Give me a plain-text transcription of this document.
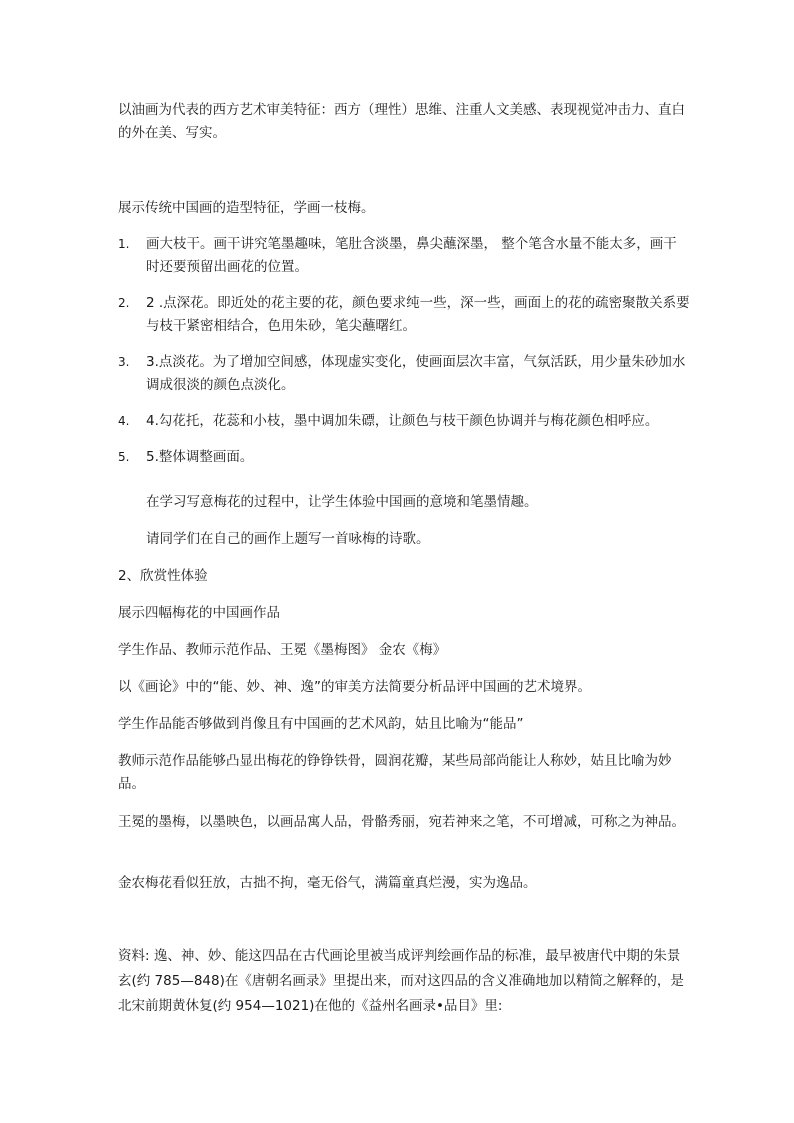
以油画为代表的西方艺术审美特征：西方（理性）思维、注重人文美感、表现视觉冲击力、直白的外在美、写实。

展示传统中国画的造型特征，学画一枝梅。

1. 画大枝干。画干讲究笔墨趣味，笔肚含淡墨，鼻尖蘸深墨， 整个笔含水量不能太多，画干时还要预留出画花的位置。
2. 2 .点深花。即近处的花主要的花，颜色要求纯一些，深一些，画面上的花的疏密聚散关系要与枝干紧密相结合，色用朱砂，笔尖蘸曙红。
3. 3.点淡花。为了增加空间感，体现虚实变化，使画面层次丰富，气氛活跃，用少量朱砂加水调成很淡的颜色点淡化。
4. 4.勾花托，花蕊和小枝，墨中调加朱磦，让颜色与枝干颜色协调并与梅花颜色相呼应。
5. 5.整体调整画面。

在学习写意梅花的过程中，让学生体验中国画的意境和笔墨情趣。

请同学们在自己的画作上题写一首咏梅的诗歌。

2、欣赏性体验

展示四幅梅花的中国画作品

学生作品、教师示范作品、王冕《墨梅图》 金农《梅》

以《画论》中的“能、妙、神、逸”的审美方法简要分析品评中国画的艺术境界。

学生作品能否够做到肖像且有中国画的艺术风韵，姑且比喻为“能品”

教师示范作品能够凸显出梅花的铮铮铁骨，圆润花瓣，某些局部尚能让人称妙，姑且比喻为妙品。

王冕的墨梅，以墨映色，以画品寓人品，骨骼秀丽，宛若神来之笔，不可增减，可称之为神品。

金农梅花看似狂放，古拙不拘，毫无俗气，满篇童真烂漫，实为逸品。

资料: 逸、神、妙、能这四品在古代画论里被当成评判绘画作品的标准，最早被唐代中期的朱景玄(约 785—848)在《唐朝名画录》里提出来，而对这四品的含义准确地加以精简之解释的，是北宋前期黄休复(约 954—1021)在他的《益州名画录•品目》里:
